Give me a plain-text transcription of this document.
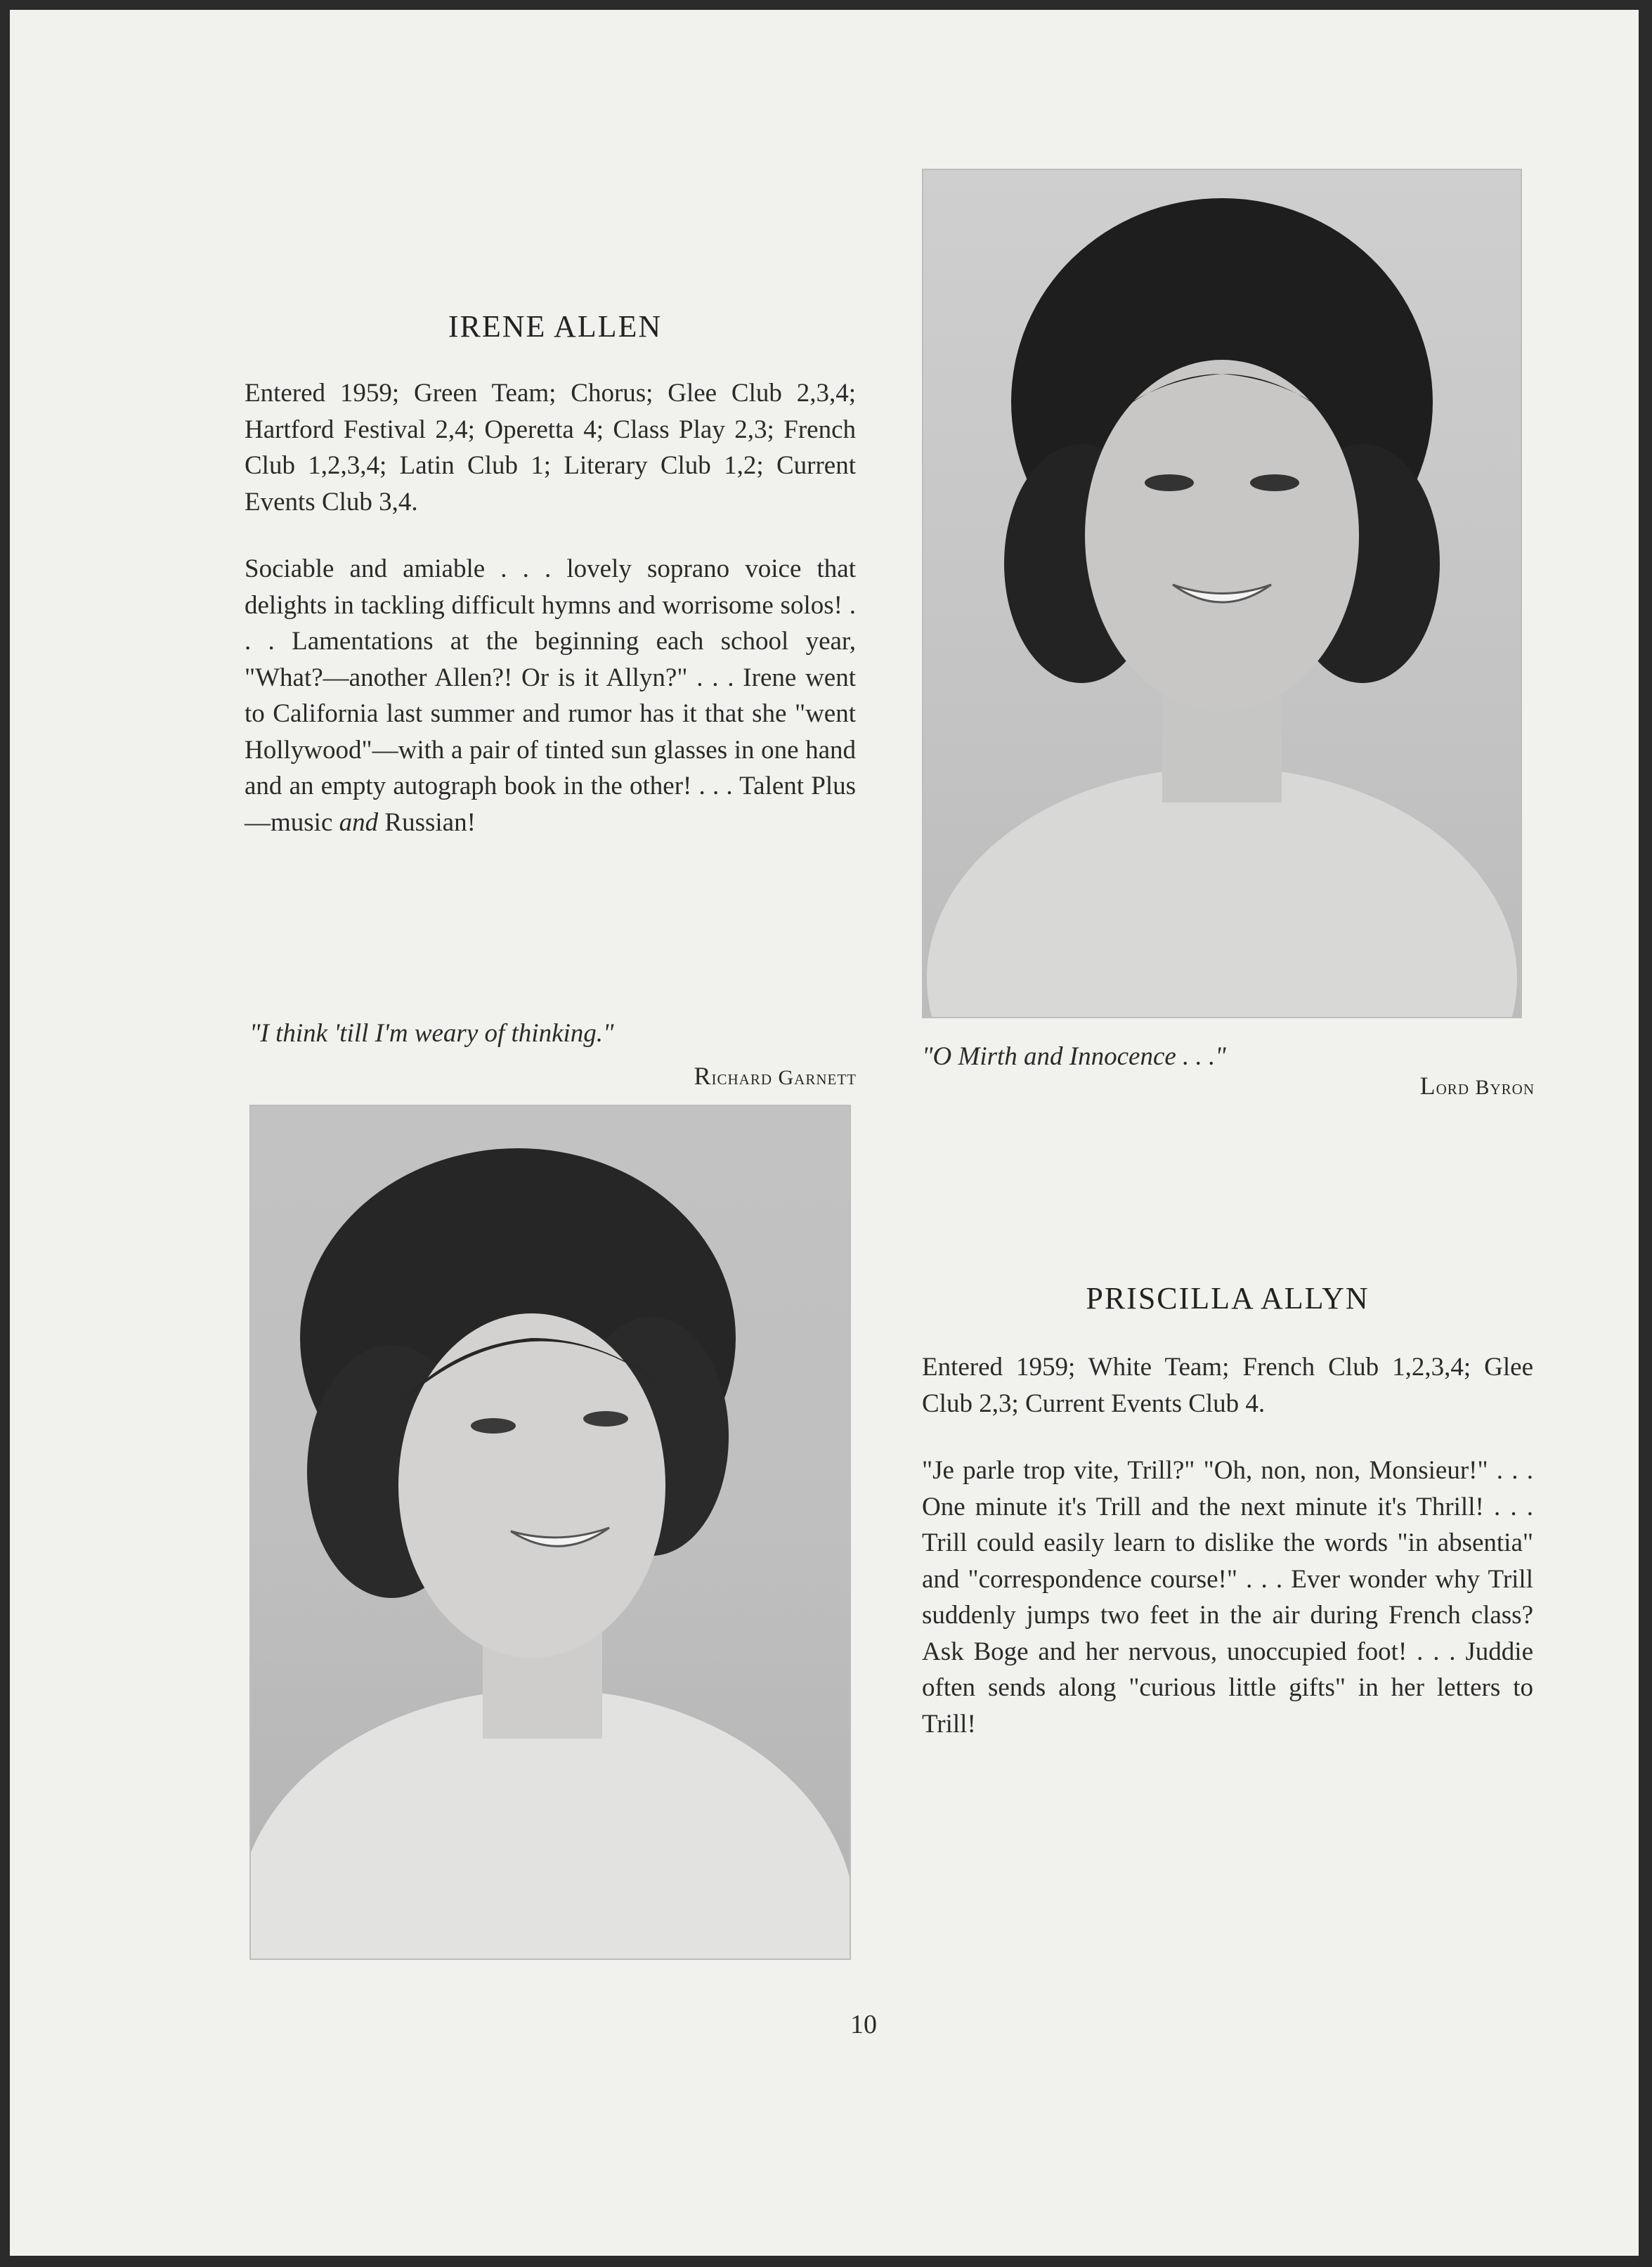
IRENE ALLEN
Entered 1959; Green Team; Chorus; Glee Club 2,3,4; Hartford Festival 2,4; Operetta 4; Class Play 2,3; French Club 1,2,3,4; Latin Club 1; Literary Club 1,2; Current Events Club 3,4.
Sociable and amiable . . . lovely soprano voice that delights in tackling difficult hymns and worrisome solos! . . . Lamentations at the beginning each school year, "What?—another Allen?! Or is it Allyn?" . . . Irene went to California last summer and rumor has it that she "went Hollywood"—with a pair of tinted sun glasses in one hand and an empty autograph book in the other! . . . Talent Plus—music and Russian!
"I think 'till I'm weary of thinking."
Richard Garnett
"O Mirth and Innocence . . ."
Lord Byron
PRISCILLA ALLYN
Entered 1959; White Team; French Club 1,2,3,4; Glee Club 2,3; Current Events Club 4.
"Je parle trop vite, Trill?" "Oh, non, non, Monsieur!" . . . One minute it's Trill and the next minute it's Thrill! . . . Trill could easily learn to dislike the words "in absentia" and "correspondence course!" . . . Ever wonder why Trill suddenly jumps two feet in the air during French class? Ask Boge and her nervous, unoccupied foot! . . . Juddie often sends along "curious little gifts" in her letters to Trill!
10
